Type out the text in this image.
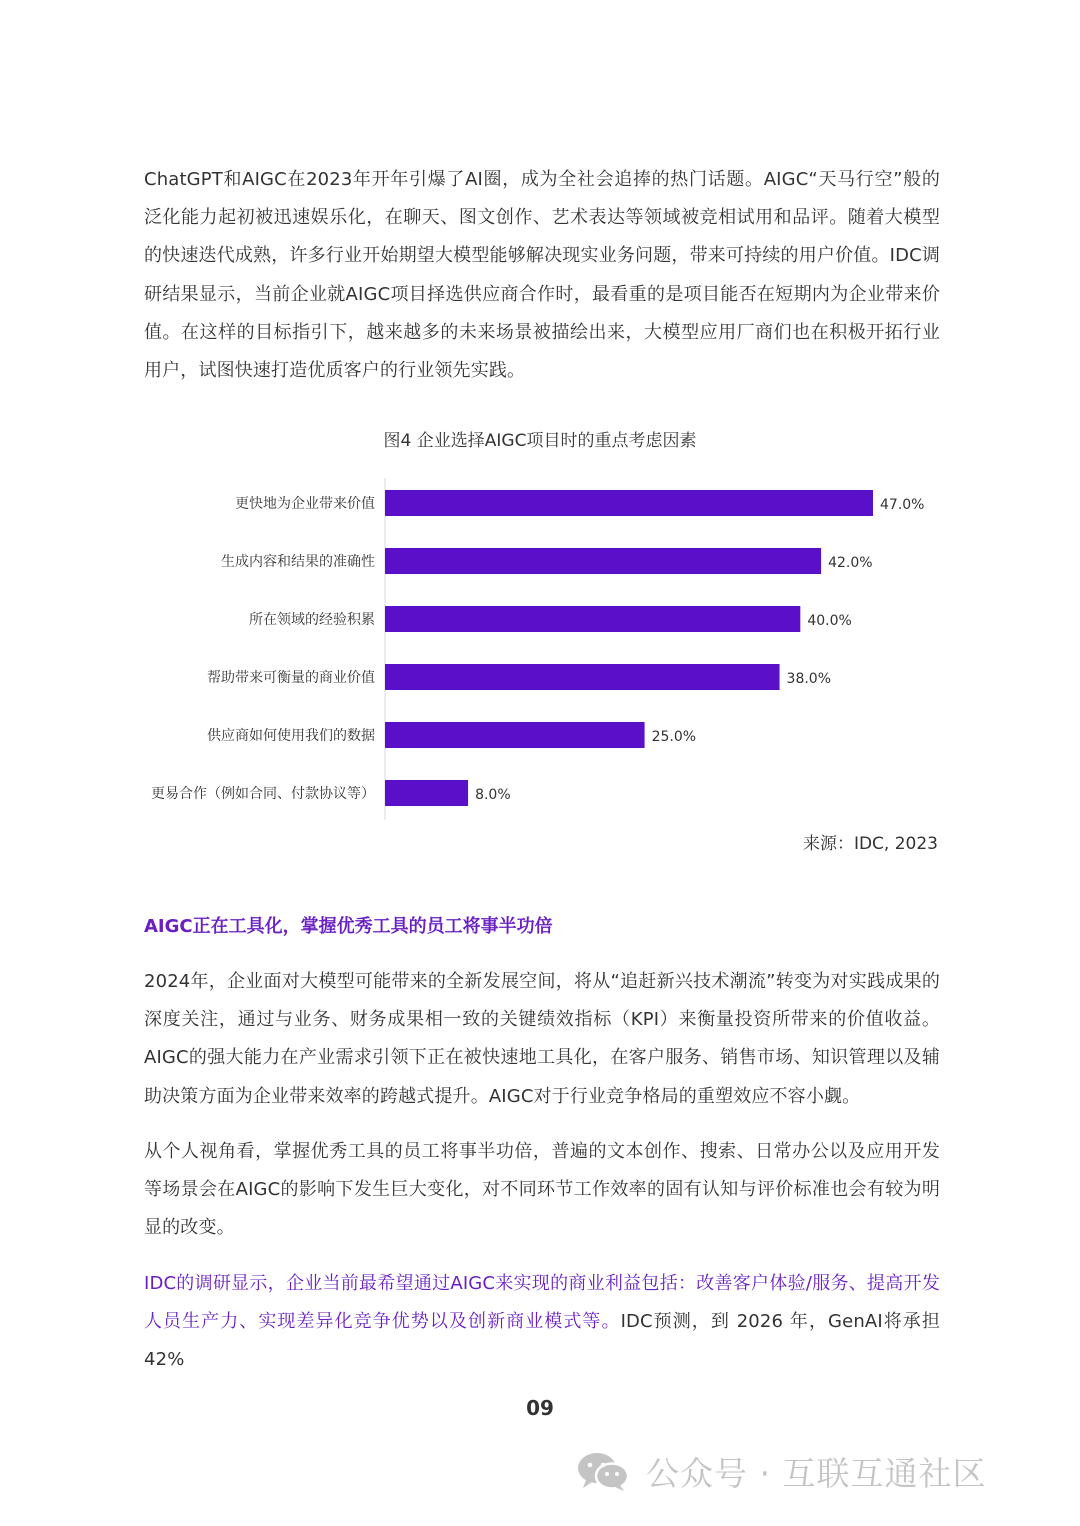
ChatGPT和AIGC在2023年开年引爆了AI圈，成为全社会追捧的热门话题。AIGC“天马行空”般的泛化能力起初被迅速娱乐化，在聊天、图文创作、艺术表达等领域被竞相试用和品评。随着大模型的快速迭代成熟，许多行业开始期望大模型能够解决现实业务问题，带来可持续的用户价值。IDC调研结果显示，当前企业就AIGC项目择选供应商合作时，最看重的是项目能否在短期内为企业带来价值。在这样的目标指引下，越来越多的未来场景被描绘出来，大模型应用厂商们也在积极开拓行业用户，试图快速打造优质客户的行业领先实践。

图4 企业选择AIGC项目时的重点考虑因素

更快地为企业带来价值	47.0%
生成内容和结果的准确性	42.0%
所在领域的经验积累	40.0%
帮助带来可衡量的商业价值	38.0%
供应商如何使用我们的数据	25.0%
更易合作（例如合同、付款协议等）	8.0%

来源：IDC, 2023

AIGC正在工具化，掌握优秀工具的员工将事半功倍

2024年，企业面对大模型可能带来的全新发展空间，将从“追赶新兴技术潮流”转变为对实践成果的深度关注，通过与业务、财务成果相一致的关键绩效指标（KPI）来衡量投资所带来的价值收益。AIGC的强大能力在产业需求引领下正在被快速地工具化，在客户服务、销售市场、知识管理以及辅助决策方面为企业带来效率的跨越式提升。AIGC对于行业竞争格局的重塑效应不容小觑。

从个人视角看，掌握优秀工具的员工将事半功倍，普遍的文本创作、搜索、日常办公以及应用开发等场景会在AIGC的影响下发生巨大变化，对不同环节工作效率的固有认知与评价标准也会有较为明显的改变。

IDC的调研显示，企业当前最希望通过AIGC来实现的商业利益包括：改善客户体验/服务、提高开发人员生产力、实现差异化竞争优势以及创新商业模式等。IDC预测，到 2026 年，GenAI将承担 42%

09

公众号 · 互联互通社区
